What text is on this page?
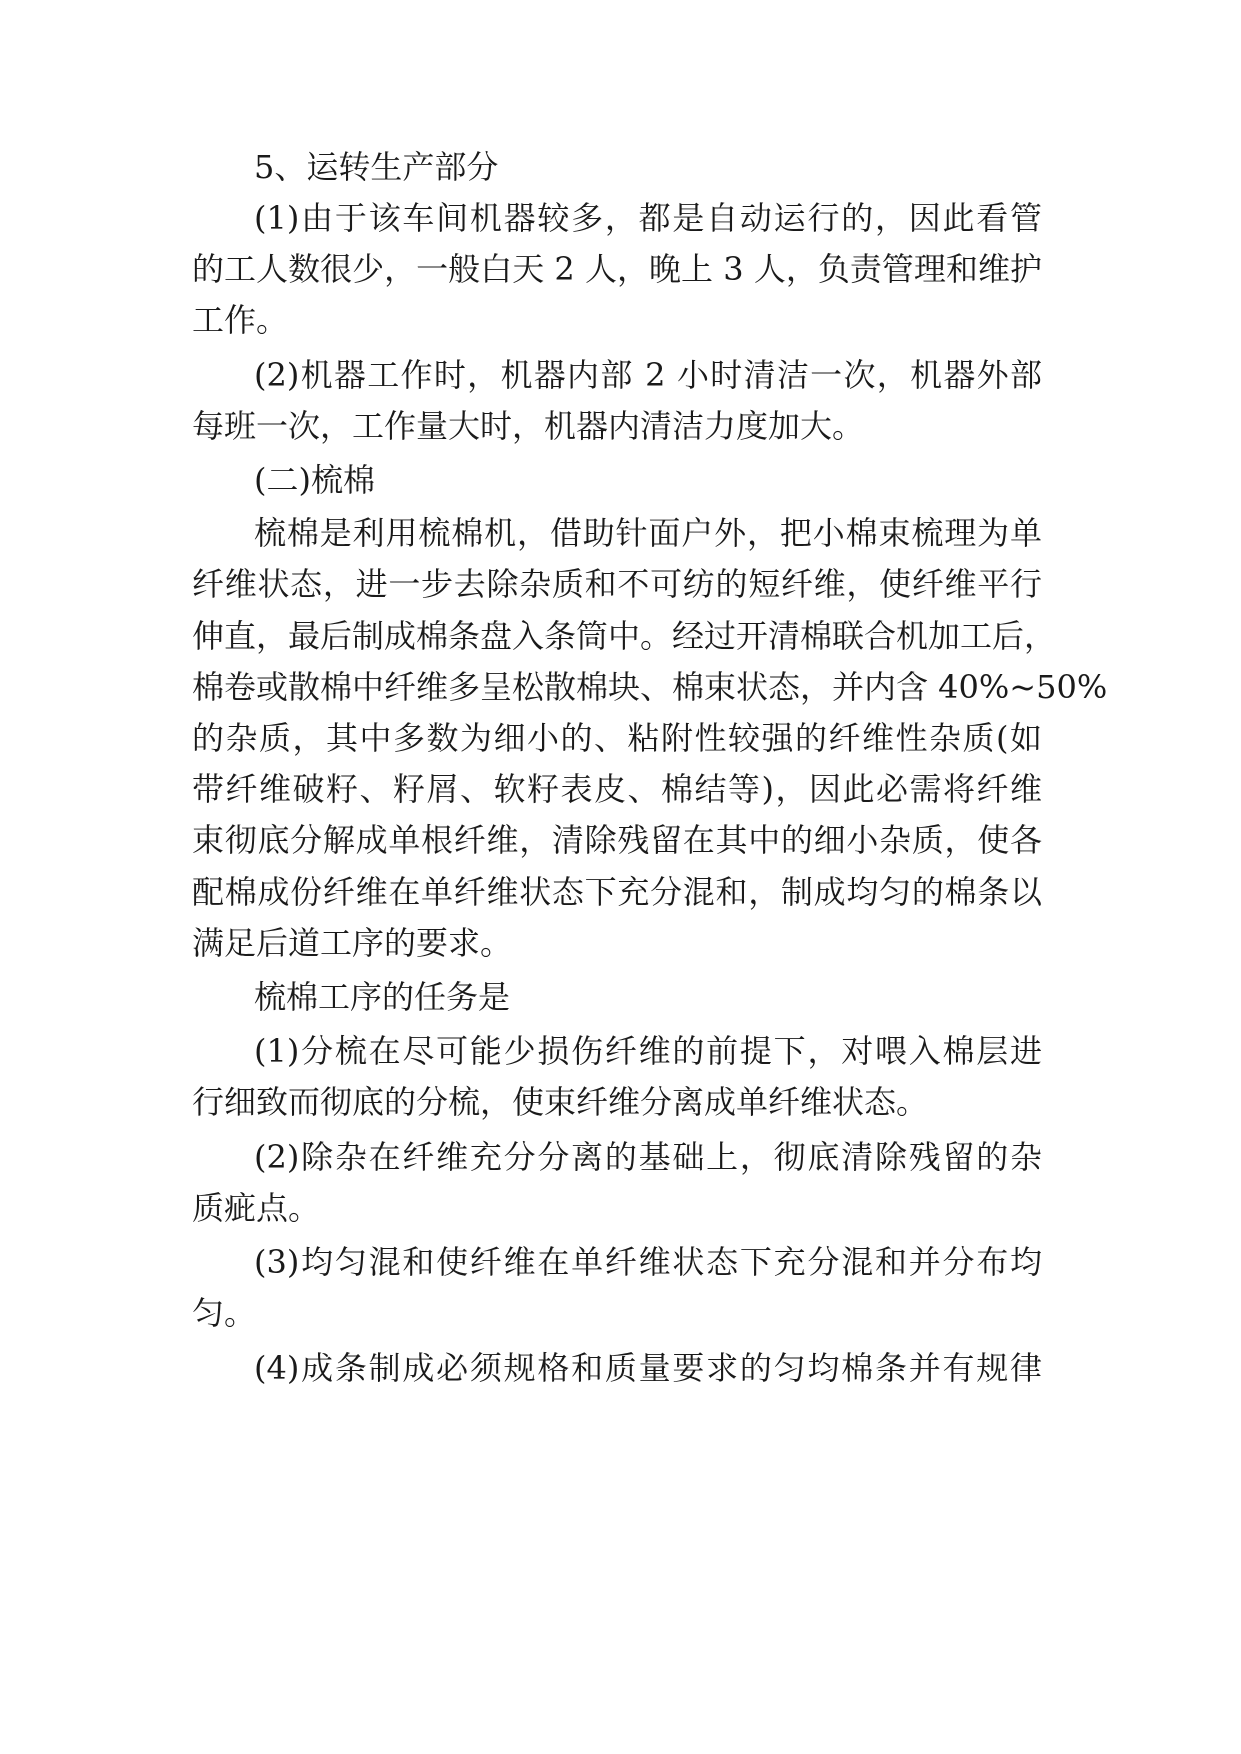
5、运转生产部分
(1)由于该车间机器较多，都是自动运行的，因此看管
的工人数很少，一般白天 2 人，晚上 3 人，负责管理和维护
工作。
(2)机器工作时，机器内部 2 小时清洁一次，机器外部
每班一次，工作量大时，机器内清洁力度加大。
(二)梳棉
梳棉是利用梳棉机，借助针面户外，把小棉束梳理为单
纤维状态，进一步去除杂质和不可纺的短纤维，使纤维平行
伸直，最后制成棉条盘入条筒中。经过开清棉联合机加工后，
棉卷或散棉中纤维多呈松散棉块、棉束状态，并内含 40%~50%
的杂质，其中多数为细小的、粘附性较强的纤维性杂质(如
带纤维破籽、籽屑、软籽表皮、棉结等)，因此必需将纤维
束彻底分解成单根纤维，清除残留在其中的细小杂质，使各
配棉成份纤维在单纤维状态下充分混和，制成均匀的棉条以
满足后道工序的要求。
梳棉工序的任务是
(1)分梳在尽可能少损伤纤维的前提下，对喂入棉层进
行细致而彻底的分梳，使束纤维分离成单纤维状态。
(2)除杂在纤维充分分离的基础上，彻底清除残留的杂
质疵点。
(3)均匀混和使纤维在单纤维状态下充分混和并分布均
匀。
(4)成条制成必须规格和质量要求的匀均棉条并有规律
